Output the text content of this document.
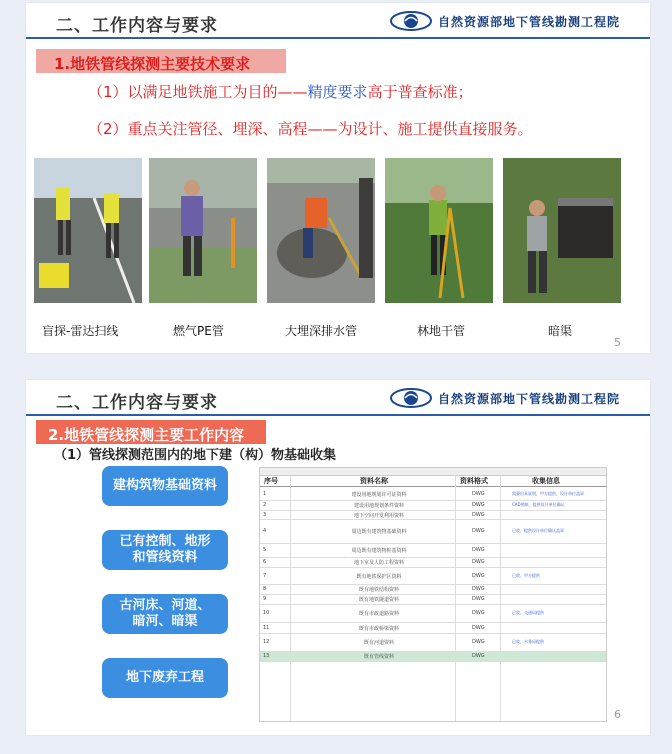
二、工作内容与要求	自然资源部地下管线勘测工程院
1.地铁管线探测主要技术要求
（1）以满足地铁施工为目的——精度要求高于普查标准；
（2）重点关注管径、埋深、高程——为设计、施工提供直接服务。
盲探-雷达扫线	燃气PE管	大埋深排水管	林地干管	暗渠
5
二、工作内容与要求	自然资源部地下管线勘测工程院
2.地铁管线探测主要工作内容
（1）管线探测范围内的地下建（构）物基础收集
建构筑物基础资料
已有控制、地形
和管线资料
古河床、河道、
暗河、暗渠
地下废弃工程
序号	资料名称	资料格式	收集信息
1	建设用地规划许可证资料	DWG	需要出具说明，甲方提供，设计单位盖章
2	建设用地规划条件资料	DWG	CAD图纸，提供设计单位确认
3	地下空间开发利用资料	DWG
4	周边既有建筑物基础资料	DWG	已收，提供设计单位确认盖章
5	周边既有建筑物桩基资料	DWG
6	地下室及人防工程资料	DWG
7	既有地铁保护区资料	DWG	已收，甲方提供
8	既有地铁结构资料	DWG
9	既有地铁隧道资料	DWG
10	既有市政道路资料	DWG	已收，交通局提供
11	既有市政桥梁资料	DWG
12	既有河道资料	DWG	已收，水务局提供
13	既有管线资料	DWG
6
